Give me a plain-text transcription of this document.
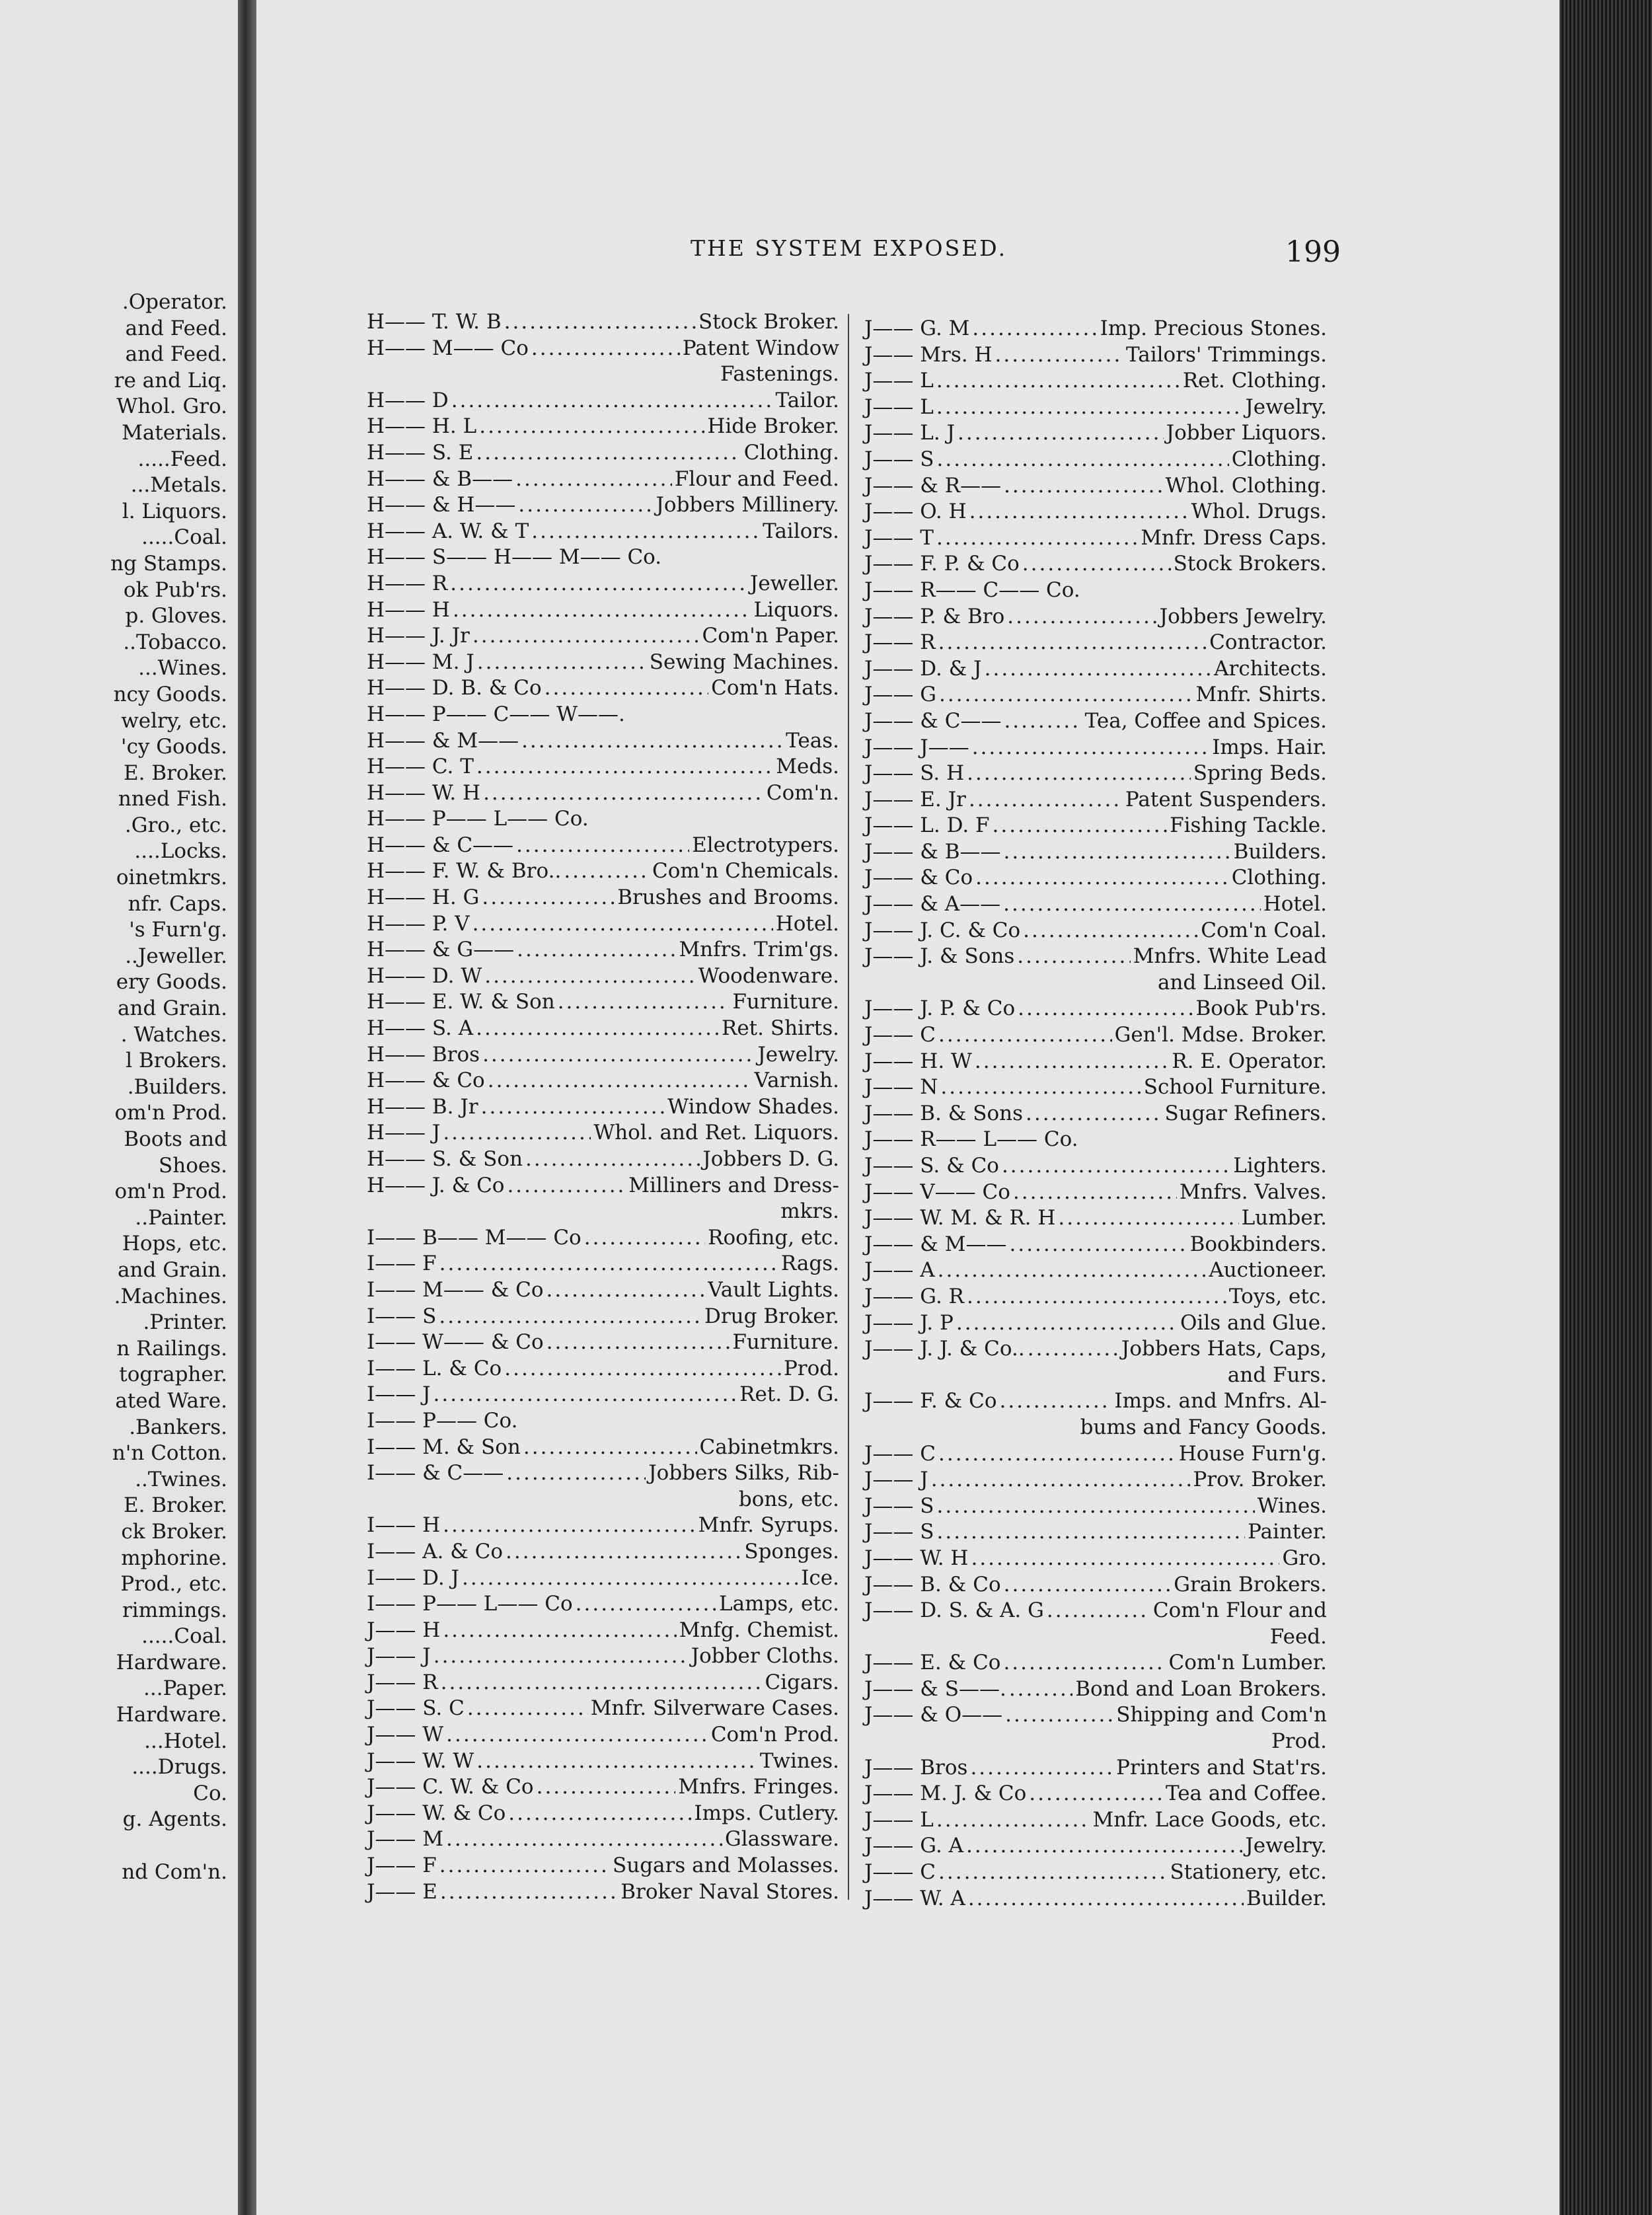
.Operator.
and Feed.
and Feed.
re and Liq.
Whol. Gro.
Materials.
.....Feed.
...Metals.
l. Liquors.
.....Coal.
ng Stamps.
ok Pub'rs.
p. Gloves.
..Tobacco.
...Wines.
ncy Goods.
welry, etc.
'cy Goods.
E. Broker.
nned Fish.
.Gro., etc.
....Locks.
oinetmkrs.
nfr. Caps.
's Furn'g.
..Jeweller.
ery Goods.
and Grain.
. Watches.
l Brokers.
.Builders.
om'n Prod.
Boots and
Shoes.
om'n Prod.
..Painter.
Hops, etc.
and Grain.
.Machines.
.Printer.
n Railings.
tographer.
ated Ware.
.Bankers.
n'n Cotton.
..Twines.
E. Broker.
ck Broker.
mphorine.
Prod., etc.
rimmings.
.....Coal.
Hardware.
...Paper.
Hardware.
...Hotel.
....Drugs.
Co.
g. Agents.

nd Com'n.
THE SYSTEM EXPOSED.	199
H—— T. W. B .....	Stock Broker.
H—— M—— Co .....	Patent Window
Fastenings.
H—— D .....	Tailor.
H—— H. L .....	Hide Broker.
H—— S. E .....	Clothing.
H—— & B—— .....	Flour and Feed.
H—— & H—— .....	Jobbers Millinery.
H—— A. W. & T .....	Tailors.
H—— S—— H—— M—— Co.
H—— R .....	Jeweller.
H—— H .....	Liquors.
H—— J. Jr .....	Com'n Paper.
H—— M. J .....	Sewing Machines.
H—— D. B. & Co .....	Com'n Hats.
H—— P—— C—— W——.
H—— & M—— .....	Teas.
H—— C. T .....	Meds.
H—— W. H .....	Com'n.
H—— P—— L—— Co.
H—— & C—— .....	Electrotypers.
H—— F. W. & Bro.. .....	Com'n Chemicals.
H—— H. G .....	Brushes and Brooms.
H—— P. V .....	Hotel.
H—— & G—— .....	Mnfrs. Trim'gs.
H—— D. W .....	Woodenware.
H—— E. W. & Son .....	Furniture.
H—— S. A .....	Ret. Shirts.
H—— Bros .....	Jewelry.
H—— & Co .....	Varnish.
H—— B. Jr .....	Window Shades.
H—— J .....	Whol. and Ret. Liquors.
H—— S. & Son .....	Jobbers D. G.
H—— J. & Co .....	Milliners and Dress-
mkrs.
I—— B—— M—— Co .....	Roofing, etc.
I—— F .....	Rags.
I—— M—— & Co .....	Vault Lights.
I—— S .....	Drug Broker.
I—— W—— & Co .....	Furniture.
I—— L. & Co .....	Prod.
I—— J .....	Ret. D. G.
I—— P—— Co.
I—— M. & Son .....	Cabinetmkrs.
I—— & C—— .....	Jobbers Silks, Rib-
bons, etc.
I—— H .....	Mnfr. Syrups.
I—— A. & Co .....	Sponges.
I—— D. J .....	Ice.
I—— P—— L—— Co .....	Lamps, etc.
J—— H .....	Mnfg. Chemist.
J—— J .....	Jobber Cloths.
J—— R .....	Cigars.
J—— S. C .....	Mnfr. Silverware Cases.
J—— W .....	Com'n Prod.
J—— W. W .....	Twines.
J—— C. W. & Co .....	Mnfrs. Fringes.
J—— W. & Co .....	Imps. Cutlery.
J—— M .....	Glassware.
J—— F .....	Sugars and Molasses.
J—— E .....	Broker Naval Stores.
J—— G. M .....	Imp. Precious Stones.
J—— Mrs. H .....	Tailors' Trimmings.
J—— L .....	Ret. Clothing.
J—— L .....	Jewelry.
J—— L. J .....	Jobber Liquors.
J—— S .....	Clothing.
J—— & R—— .....	Whol. Clothing.
J—— O. H .....	Whol. Drugs.
J—— T .....	Mnfr. Dress Caps.
J—— F. P. & Co .....	Stock Brokers.
J—— R—— C—— Co.
J—— P. & Bro .....	Jobbers Jewelry.
J—— R .....	Contractor.
J—— D. & J .....	Architects.
J—— G .....	Mnfr. Shirts.
J—— & C—— .....	Tea, Coffee and Spices.
J—— J—— .....	Imps. Hair.
J—— S. H .....	Spring Beds.
J—— E. Jr .....	Patent Suspenders.
J—— L. D. F .....	Fishing Tackle.
J—— & B—— .....	Builders.
J—— & Co .....	Clothing.
J—— & A—— .....	Hotel.
J—— J. C. & Co .....	Com'n Coal.
J—— J. & Sons .....	Mnfrs. White Lead
and Linseed Oil.
J—— J. P. & Co .....	Book Pub'rs.
J—— C .....	Gen'l. Mdse. Broker.
J—— H. W .....	R. E. Operator.
J—— N .....	School Furniture.
J—— B. & Sons .....	Sugar Refiners.
J—— R—— L—— Co.
J—— S. & Co .....	Lighters.
J—— V—— Co .....	Mnfrs. Valves.
J—— W. M. & R. H .....	Lumber.
J—— & M—— .....	Bookbinders.
J—— A .....	Auctioneer.
J—— G. R .....	Toys, etc.
J—— J. P .....	Oils and Glue.
J—— J. J. & Co.. .....	Jobbers Hats, Caps,
and Furs.
J—— F. & Co .....	Imps. and Mnfrs. Al-
bums and Fancy Goods.
J—— C .....	House Furn'g.
J—— J .....	Prov. Broker.
J—— S .....	Wines.
J—— S .....	Painter.
J—— W. H .....	Gro.
J—— B. & Co .....	Grain Brokers.
J—— D. S. & A. G .....	Com'n Flour and
Feed.
J—— E. & Co .....	Com'n Lumber.
J—— & S——. .....	Bond and Loan Brokers.
J—— & O—— .....	Shipping and Com'n
Prod.
J—— Bros .....	Printers and Stat'rs.
J—— M. J. & Co .....	Tea and Coffee.
J—— L .....	Mnfr. Lace Goods, etc.
J—— G. A .....	Jewelry.
J—— C .....	Stationery, etc.
J—— W. A .....	Builder.
